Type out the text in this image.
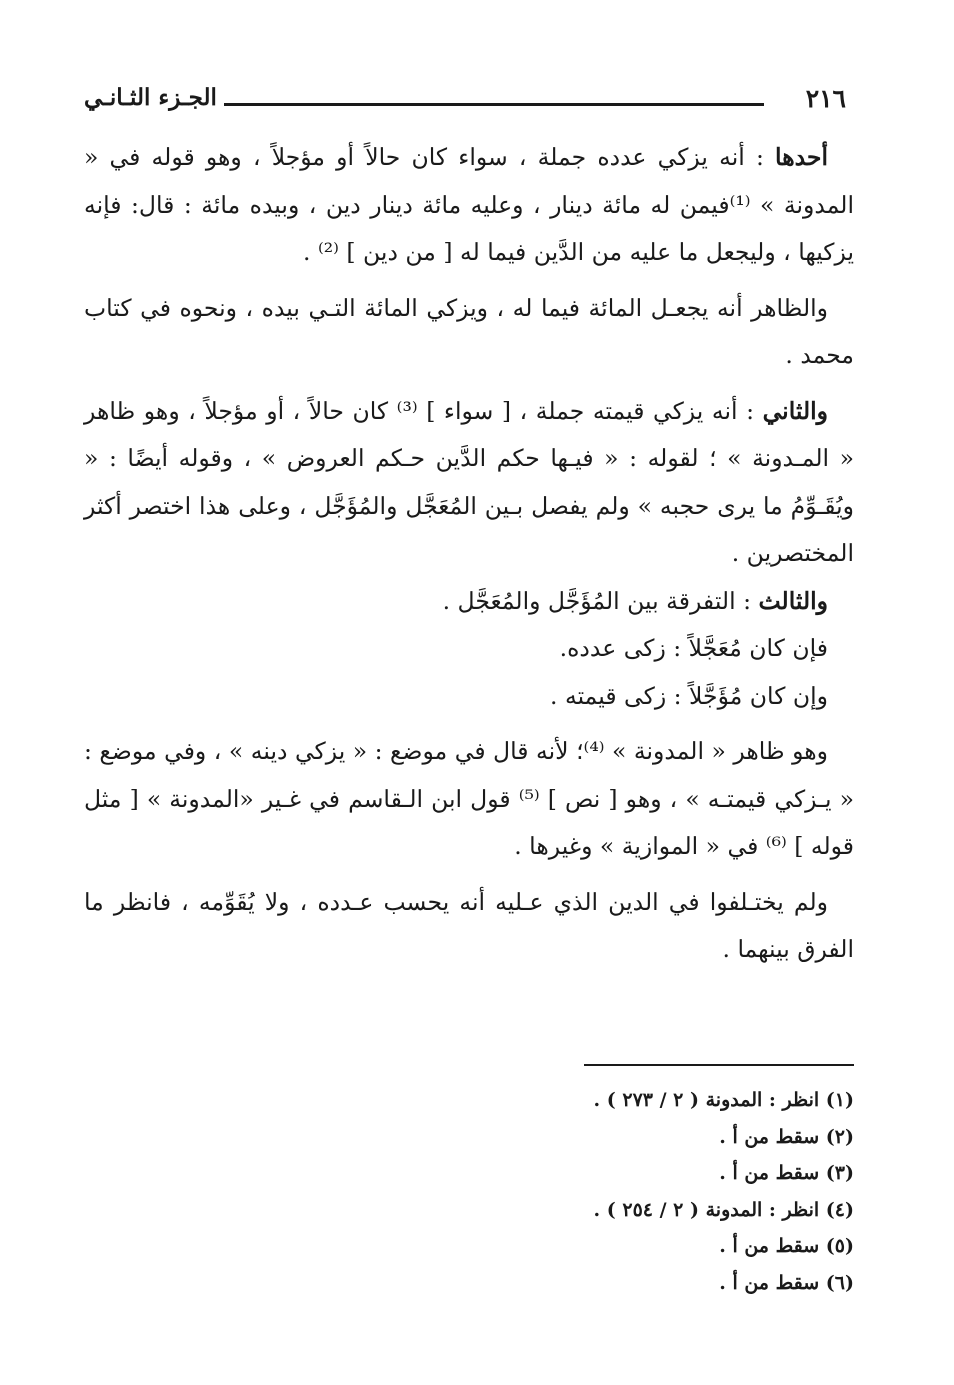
٢١٦
الجـزء الثـانـي

أحدها : أنه يزكي عدده جملة ، سواء كان حالاً أو مؤجلاً ، وهو قوله في « المدونة » ⁽¹⁾فيمن له مائة دينار ، وعليه مائة دينار دين ، وبيده مائة : قال: فإنه يزكيها ، وليجعل ما عليه من الدَّين فيما له [ من دين ] ⁽²⁾ .

والظاهر أنه يجعـل المائة فيما له ، ويزكي المائة التـي بيده ، ونحوه في كتاب محمد .

والثاني : أنه يزكي قيمته جملة ، [ سواء ] ⁽³⁾ كان حالاً ، أو مؤجلاً ، وهو ظاهر « المـدونة » ؛ لقوله : « فيـها حكم الدَّين حـكم العروض » ، وقوله أيضًا : « ويُقَـوِّمُ ما يرى حجبه » ولم يفصل بـين المُعَجَّل والمُؤَجَّل ، وعلى هذا اختصر أكثر المختصرين .

والثالث : التفرقة بين المُؤَجَّل والمُعَجَّل .

فإن كان مُعَجَّلاً : زكى عدده.

وإن كان مُؤَجَّلاً : زكى قيمته .

وهو ظاهر « المدونة » ⁽⁴⁾؛ لأنه قال في موضع : « يزكي دينه » ، وفي موضع : « يـزكي قيمتـه » ، وهو [ نص ] ⁽⁵⁾ قول ابن الـقاسم في غـير «المدونة » [ مثل قوله ] ⁽⁶⁾ في « الموازية » وغيرها .

ولم يختـلفوا في الدين الذي عـليه أنه يحسب عـدده ، ولا يُقَوِّمه ، فانظر ما الفرق بينهما .

(١) انظر : المدونة ( ٢ / ٢٧٣ ) .

(٢) سقط من أ .

(٣) سقط من أ .

(٤) انظر : المدونة ( ٢ / ٢٥٤ ) .

(٥) سقط من أ .

(٦) سقط من أ .
